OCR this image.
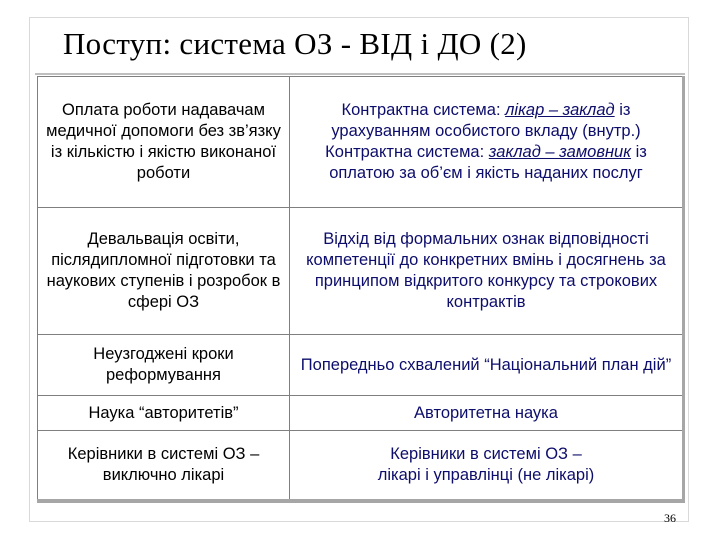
Поступ: система ОЗ - ВІД і ДО (2)
Оплата роботи надавачам медичної допомоги без зв’язку із кількістю і якістю виконаної роботи	Контрактна система: лікар – заклад із урахуванням особистого вкладу (внутр.)
Контрактна система: заклад – замовник із оплатою за об’єм і якість наданих послуг

Девальвація освіти, післядипломної підготовки та наукових ступенів і розробок в сфері ОЗ	Відхід від формальних ознак відповідності компетенції до конкретних вмінь і досягнень за принципом відкритого конкурсу та строкових контрактів
Неузгоджені кроки реформування	Попередньо схвалений “Національний план дій”
Наука “авторитетів”	Авторитетна наука
Керівники в системі ОЗ – виключно лікарі	Керівники в системі ОЗ –
лікарі і управлінці (не лікарі)
36
